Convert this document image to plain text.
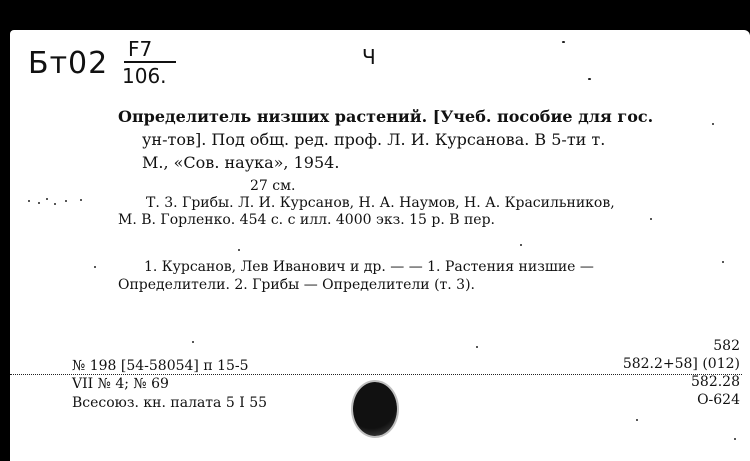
Бт02 F7
106.
Ч
Определитель низших растений. [Учеб. пособие для гос.
ун-тов]. Под общ. ред. проф. Л. И. Курсанова. В 5-ти т.
М., «Сов. наука», 1954.
27 см.
Т. 3. Грибы. Л. И. Курсанов, Н. А. Наумов, Н. А. Красильников,
М. В. Горленко. 454 с. с илл. 4000 экз. 15 р. В пер.
1. Курсанов, Лев Иванович и др. — — 1. Растения низшие —
Определители. 2. Грибы — Определители (т. 3).
582
№ 198 [54-58054] п 15-5	582.2+58] (012)
VII № 4; № 69	582.28
Всесоюз. кн. палата 5 I 55	О-624
